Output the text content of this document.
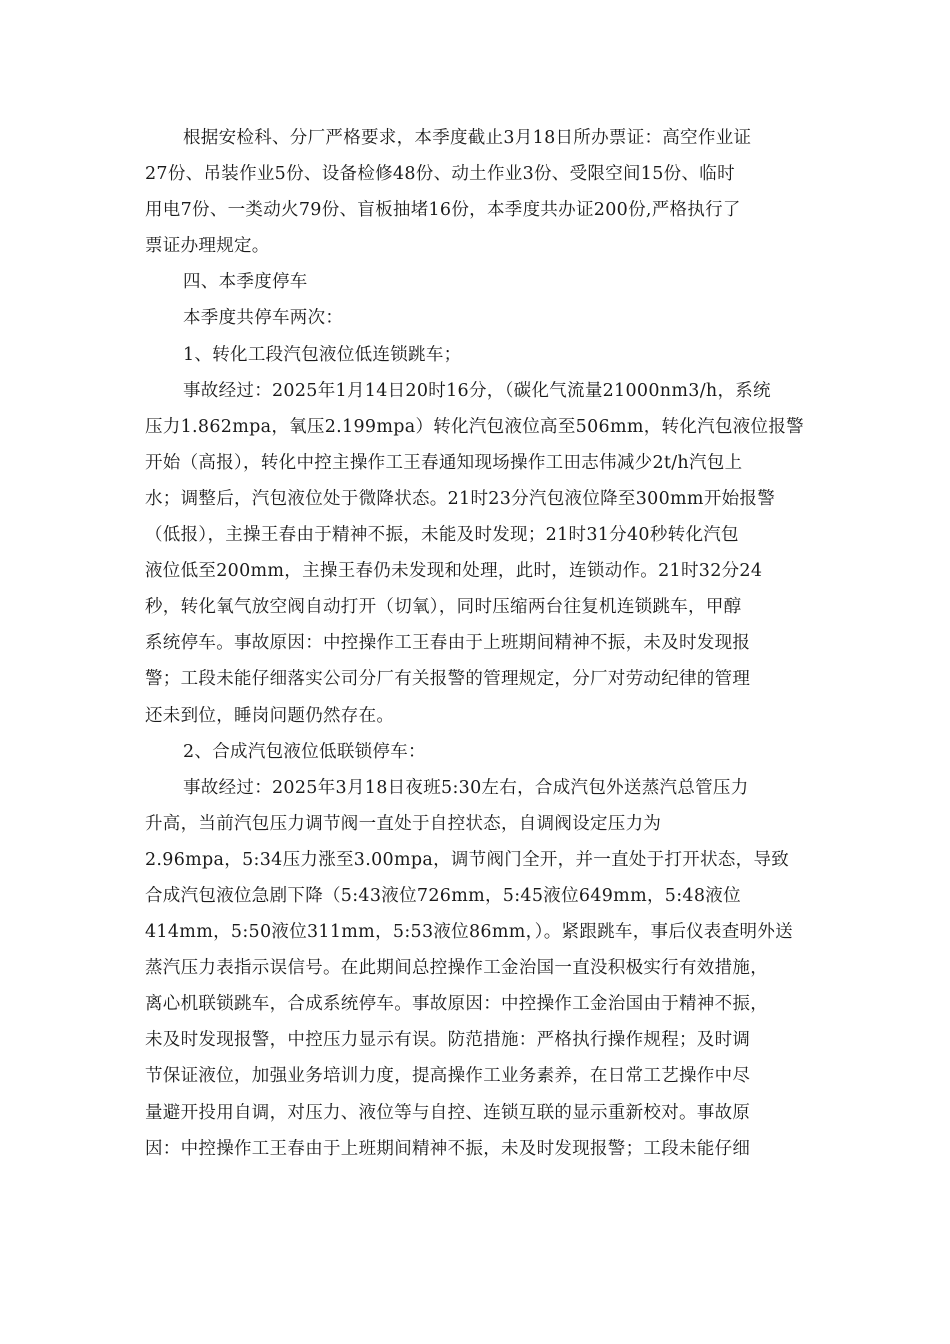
根据安检科、分厂严格要求，本季度截止3月18日所办票证：高空作业证
27份、吊装作业5份、设备检修48份、动土作业3份、受限空间15份、临时
用电7份、一类动火79份、盲板抽堵16份，本季度共办证200份,严格执行了
票证办理规定。
四、本季度停车
本季度共停车两次：
1、转化工段汽包液位低连锁跳车；
事故经过：2025年1月14日20时16分，（碳化气流量21000nm3/h，系统
压力1.862mpa，氧压2.199mpa）转化汽包液位高至506mm，转化汽包液位报警
开始（高报），转化中控主操作工王春通知现场操作工田志伟减少2t/h汽包上
水；调整后，汽包液位处于微降状态。21时23分汽包液位降至300mm开始报警
（低报），主操王春由于精神不振，未能及时发现；21时31分40秒转化汽包
液位低至200mm，主操王春仍未发现和处理，此时，连锁动作。21时32分24
秒，转化氧气放空阀自动打开（切氧），同时压缩两台往复机连锁跳车，甲醇
系统停车。事故原因：中控操作工王春由于上班期间精神不振，未及时发现报
警；工段未能仔细落实公司分厂有关报警的管理规定，分厂对劳动纪律的管理
还未到位，睡岗问题仍然存在。
2、合成汽包液位低联锁停车：
事故经过：2025年3月18日夜班5:30左右，合成汽包外送蒸汽总管压力
升高，当前汽包压力调节阀一直处于自控状态，自调阀设定压力为
2.96mpa，5:34压力涨至3.00mpa，调节阀门全开，并一直处于打开状态，导致
合成汽包液位急剧下降（5:43液位726mm，5:45液位649mm，5:48液位
414mm，5:50液位311mm，5:53液位86mm，）。紧跟跳车，事后仪表查明外送
蒸汽压力表指示误信号。在此期间总控操作工金治国一直没积极实行有效措施，
离心机联锁跳车，合成系统停车。事故原因：中控操作工金治国由于精神不振，
未及时发现报警，中控压力显示有误。防范措施：严格执行操作规程；及时调
节保证液位，加强业务培训力度，提高操作工业务素养，在日常工艺操作中尽
量避开投用自调，对压力、液位等与自控、连锁互联的显示重新校对。事故原
因：中控操作工王春由于上班期间精神不振，未及时发现报警；工段未能仔细
